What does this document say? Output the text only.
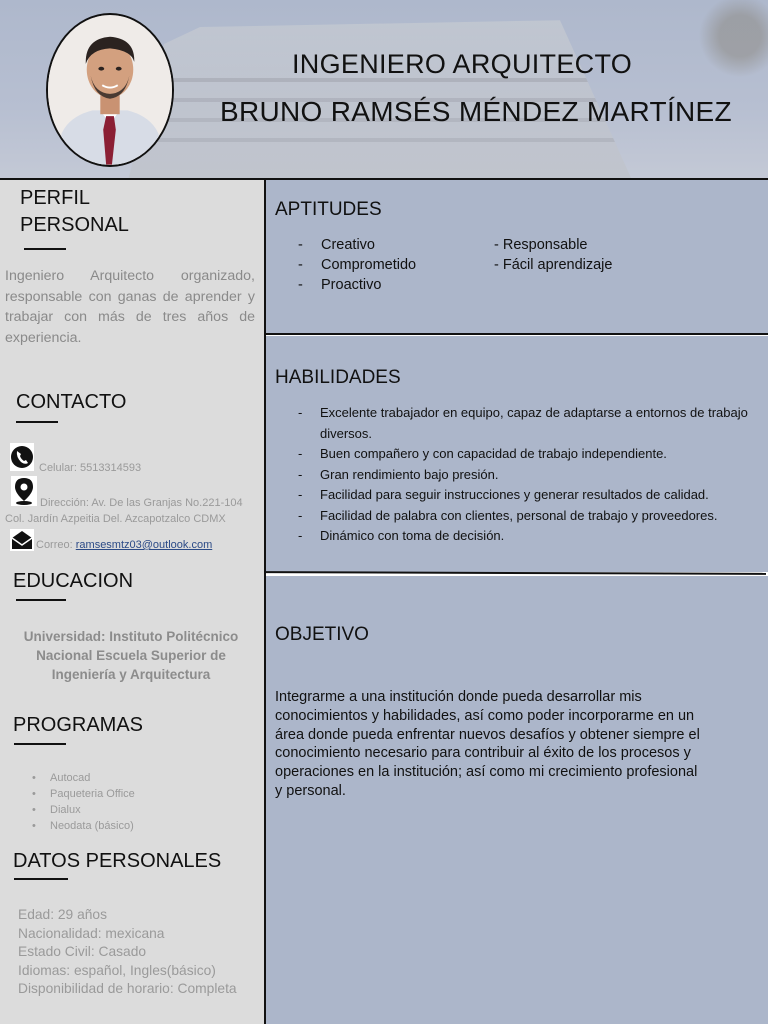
INGENIERO ARQUITECTO
BRUNO RAMSÉS MÉNDEZ MARTÍNEZ
PERFIL
PERSONAL
Ingeniero Arquitecto organizado, responsable con ganas de aprender y trabajar con más de tres años de experiencia.
CONTACTO
Celular: 5513314593
Dirección: Av. De las Granjas No.221-104
Col. Jardín Azpeitia Del. Azcapotzalco CDMX
Correo: ramsesmtz03@outlook.com
EDUCACION
Universidad: Instituto Politécnico Nacional Escuela Superior de Ingeniería y Arquitectura
PROGRAMAS
• Autocad
• Paqueteria Office
• Dialux
• Neodata (básico)
DATOS PERSONALES
Edad: 29 años
Nacionalidad: mexicana
Estado Civil: Casado
Idiomas: español, Ingles(básico)
Disponibilidad de horario: Completa
APTITUDES
- Creativo
- Comprometido
- Proactivo
- Responsable
- Fácil aprendizaje
HABILIDADES
- Excelente trabajador en equipo, capaz de adaptarse a entornos de trabajo diversos.
- Buen compañero y con capacidad de trabajo independiente.
- Gran rendimiento bajo presión.
- Facilidad para seguir instrucciones y generar resultados de calidad.
- Facilidad de palabra con clientes, personal de trabajo y proveedores.
- Dinámico con toma de decisión.
OBJETIVO
Integrarme a una institución donde pueda desarrollar mis conocimientos y habilidades, así como poder incorporarme en un área donde pueda enfrentar nuevos desafíos y obtener siempre el conocimiento necesario para contribuir al éxito de los procesos y operaciones en la institución; así como mi crecimiento profesional y personal.
